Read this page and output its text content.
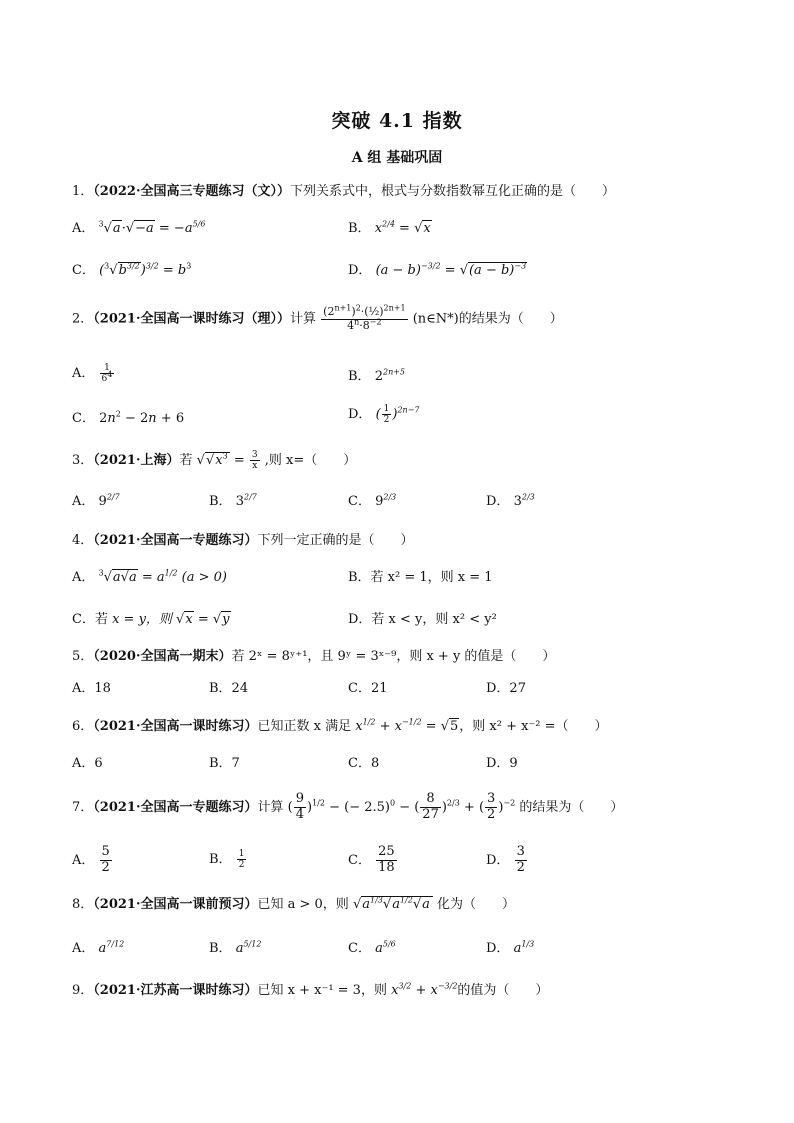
突破 4.1 指数
A 组 基础巩固
1．（2022·全国高三专题练习（文））下列关系式中，根式与分数指数幂互化正确的是（　　）
A． $^3√a\cdot√-a = -a^{5/6}$	B． $x^{2/4} = √x$
C． $(^3√b^{3/2})^{3/2} = b^3$	D． $(a - b)^{-3/2} = √(a - b)^{-3}$
2．（2021·全国高一课时练习（理））计算 $\frac{(2^{n+1})^2\cdot(\frac{1}{2})^{2n+1}}{4^n\cdot 8^{-2}}$ (n∈N*)的结果为（　　）
A． $\frac{1}{6^4}$	B． $2^{2n+5}$
C． $2n^2 - 2n + 6$	D． ( $\frac{1}{2} )^{2n-7}$
3．（2021·上海）若 $√√x^3 = \frac{3}{x}$ ,则 x=（　　）
A． $9^{2/7}$	B． $3^{2/7}$	C． $9^{2/3}$	D． $3^{2/3}$
4．（2021·全国高一专题练习）下列一定正确的是（　　）
A． $^3√a√a = a^{1/2}$ (a > 0)	B．若 x² = 1，则 x = 1
C．若 x = y，则 √x = √y	D．若 x < y，则 x² < y²
5．（2020·全国高一期末）若 2ˣ = 8ʸ⁺¹，且 9ʸ = 3ˣ⁻⁹，则 x + y 的值是（　　）
A．18	B．24	C．21	D．27
6．（2021·全国高一课时练习）已知正数 x 满足 $x^{1/2} + x^{-1/2} = √5$，则 x² + x⁻² =（　　）
A．6	B．7	C．8	D．9
7．（2021·全国高一专题练习）计算 ( $\frac{9}{4} )^{1/2}$ − (− 2.5)$^0$ − ( $\frac{8}{27} )^{2/3}$ + ( $\frac{3}{2} )^{-2}$ 的结果为（　　）
A． $\frac{5}{2}$	B． $\frac{1}{2}$	C． $\frac{25}{18}$	D． $\frac{3}{2}$
8．（2021·全国高一课前预习）已知 a > 0，则 $√a^{1/3}√a^{1/2}√a$ 化为（　　）
A． $a^{7/12}$	B． $a^{5/12}$	C． $a^{5/6}$	D． $a^{1/3}$
9．（2021·江苏高一课时练习）已知 x + x⁻¹ = 3，则 $x^{3/2} + x^{-3/2}$的值为（　　）
